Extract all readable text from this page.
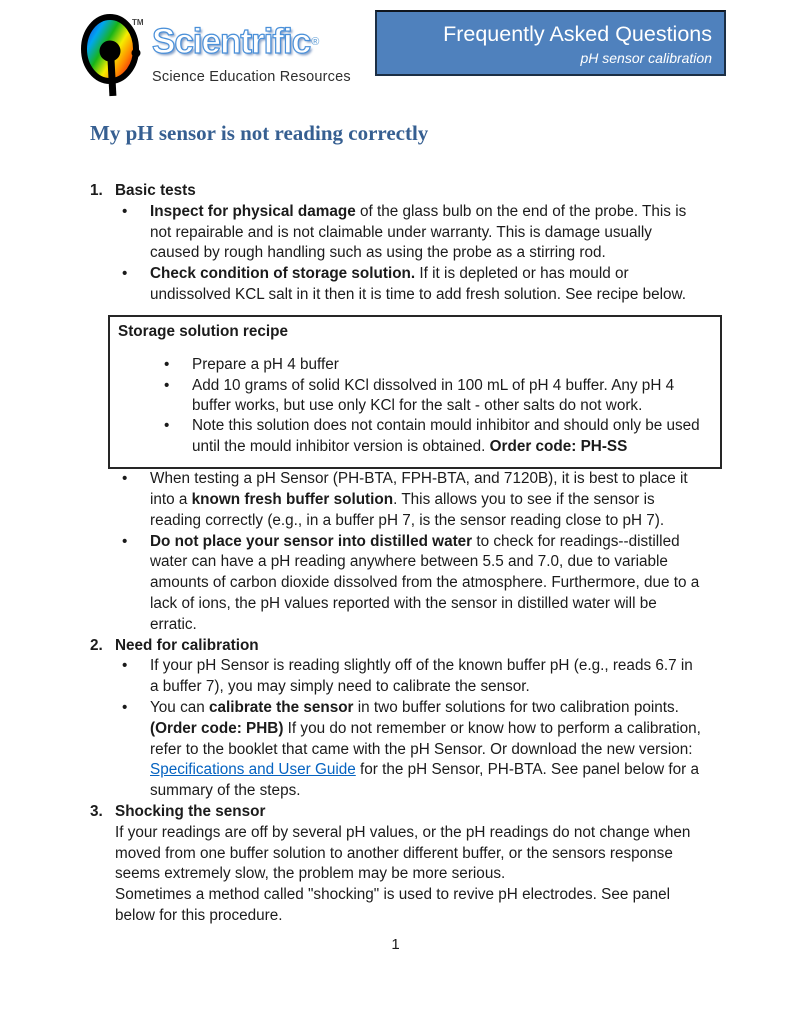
TM Scientrific®
Science Education Resources
Frequently Asked Questions
pH sensor calibration
My pH sensor is not reading correctly
1. Basic tests
• Inspect for physical damage of the glass bulb on the end of the probe. This is not repairable and is not claimable under warranty. This is damage usually caused by rough handling such as using the probe as a stirring rod.
• Check condition of storage solution. If it is depleted or has mould or undissolved KCL salt in it then it is time to add fresh solution. See recipe below.
Storage solution recipe
• Prepare a pH 4 buffer
• Add 10 grams of solid KCl dissolved in 100 mL of pH 4 buffer. Any pH 4 buffer works, but use only KCl for the salt - other salts do not work.
• Note this solution does not contain mould inhibitor and should only be used until the mould inhibitor version is obtained. Order code: PH-SS
• When testing a pH Sensor (PH-BTA, FPH-BTA, and 7120B), it is best to place it into a known fresh buffer solution. This allows you to see if the sensor is reading correctly (e.g., in a buffer pH 7, is the sensor reading close to pH 7).
• Do not place your sensor into distilled water to check for readings--distilled water can have a pH reading anywhere between 5.5 and 7.0, due to variable amounts of carbon dioxide dissolved from the atmosphere. Furthermore, due to a lack of ions, the pH values reported with the sensor in distilled water will be erratic.
2. Need for calibration
• If your pH Sensor is reading slightly off of the known buffer pH (e.g., reads 6.7 in a buffer 7), you may simply need to calibrate the sensor.
• You can calibrate the sensor in two buffer solutions for two calibration points. (Order code: PHB) If you do not remember or know how to perform a calibration, refer to the booklet that came with the pH Sensor. Or download the new version: Specifications and User Guide for the pH Sensor, PH-BTA. See panel below for a summary of the steps.
3. Shocking the sensor

If your readings are off by several pH values, or the pH readings do not change when moved from one buffer solution to another different buffer, or the sensors response seems extremely slow, the problem may be more serious.

Sometimes a method called "shocking" is used to revive pH electrodes. See panel below for this procedure.

1
